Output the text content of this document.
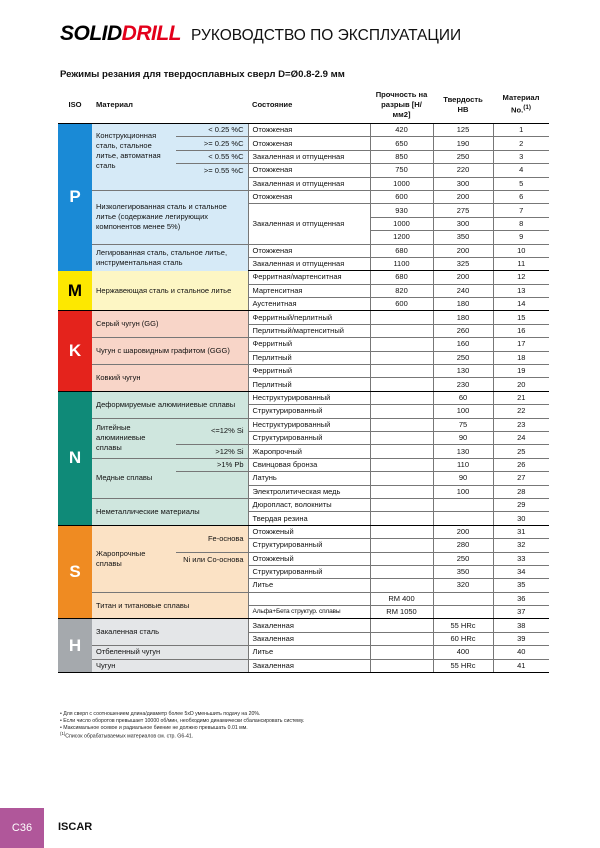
SOLIDDRILL РУКОВОДСТВО ПО ЭКСПЛУАТАЦИИ
Режимы резания для твердосплавных сверл D=Ø0.8-2.9 мм
ISO	Материал		Состояние	Прочность на разрыв [Н/мм2]	Твердость HB	Материал No.$^{(1)}$
P	Конструкционная сталь, стальное литье, автоматная сталь	< 0.25 %C	Отожженая	420	125	1
		>= 0.25 %C	Отожженая	650	190	2
		< 0.55 %C	Закаленная и отпущенная	850	250	3
		>= 0.55 %C	Отожженая	750	220	4
			Закаленная и отпущенная	1000	300	5
	Низколегированная сталь и стальное литье (содержание легирующих компонентов менее 5%)		Отожженая	600	200	6
			Закаленная и отпущенная	930	275	7
				1000	300	8
				1200	350	9
	Легированная сталь, стальное литье, инструментальная сталь		Отожженая	680	200	10
			Закаленная и отпущенная	1100	325	11
M	Нержавеющая сталь и стальное литье		Ферритная/мартенситная	680	200	12
			Мартенситная	820	240	13
			Аустенитная	600	180	14
K	Серый чугун (GG)		Ферритный/перлитный		180	15
			Перлитный/мартенситный		260	16
	Чугун с шаровидным графитом (GGG)		Ферритный		160	17
			Перлитный		250	18
	Ковкий чугун		Ферритный		130	19
			Перлитный		230	20
N	Деформируемые алюминиевые сплавы		Неструктурированный		60	21
			Структурированный		100	22
	Литейные алюминиевые сплавы	<=12% Si	Неструктурированный		75	23
			Структурированный		90	24
		>12% Si	Жаропрочный		130	25
	Медные сплавы	>1% Pb	Свинцовая бронза		110	26
			Латунь		90	27
			Электролитическая медь		100	28
	Неметаллические материалы		Дюропласт, волокниты			29
			Твердая резина			30
S	Жаропрочные сплавы	Fe-основа	Отожженый		200	31
			Структурированный		280	32
		Ni или Co-основа	Отожженый		250	33
			Структурированный		350	34
			Литье		320	35
	Титан и титановые сплавы			RM 400		36
			Альфа+Бета структур. сплавы	RM 1050		37
H	Закаленная сталь		Закаленная		55 HRc	38
			Закаленная		60 HRc	39
	Отбеленный чугун		Литье		400	40
	Чугун		Закаленная		55 HRc	41
• Для сверл с соотношением длина/диаметр более 5xD уменьшить подачу на 20%.
• Если число оборотов превышает 10000 об/мин, необходимо динамически сбалансировать систему.
• Максимальное осевое и радиальное биение не должно превышать 0.01 мм.
$^{(1)}$Список обрабатываемых материалов см. стр. G6-41.
C36	ISCAR
